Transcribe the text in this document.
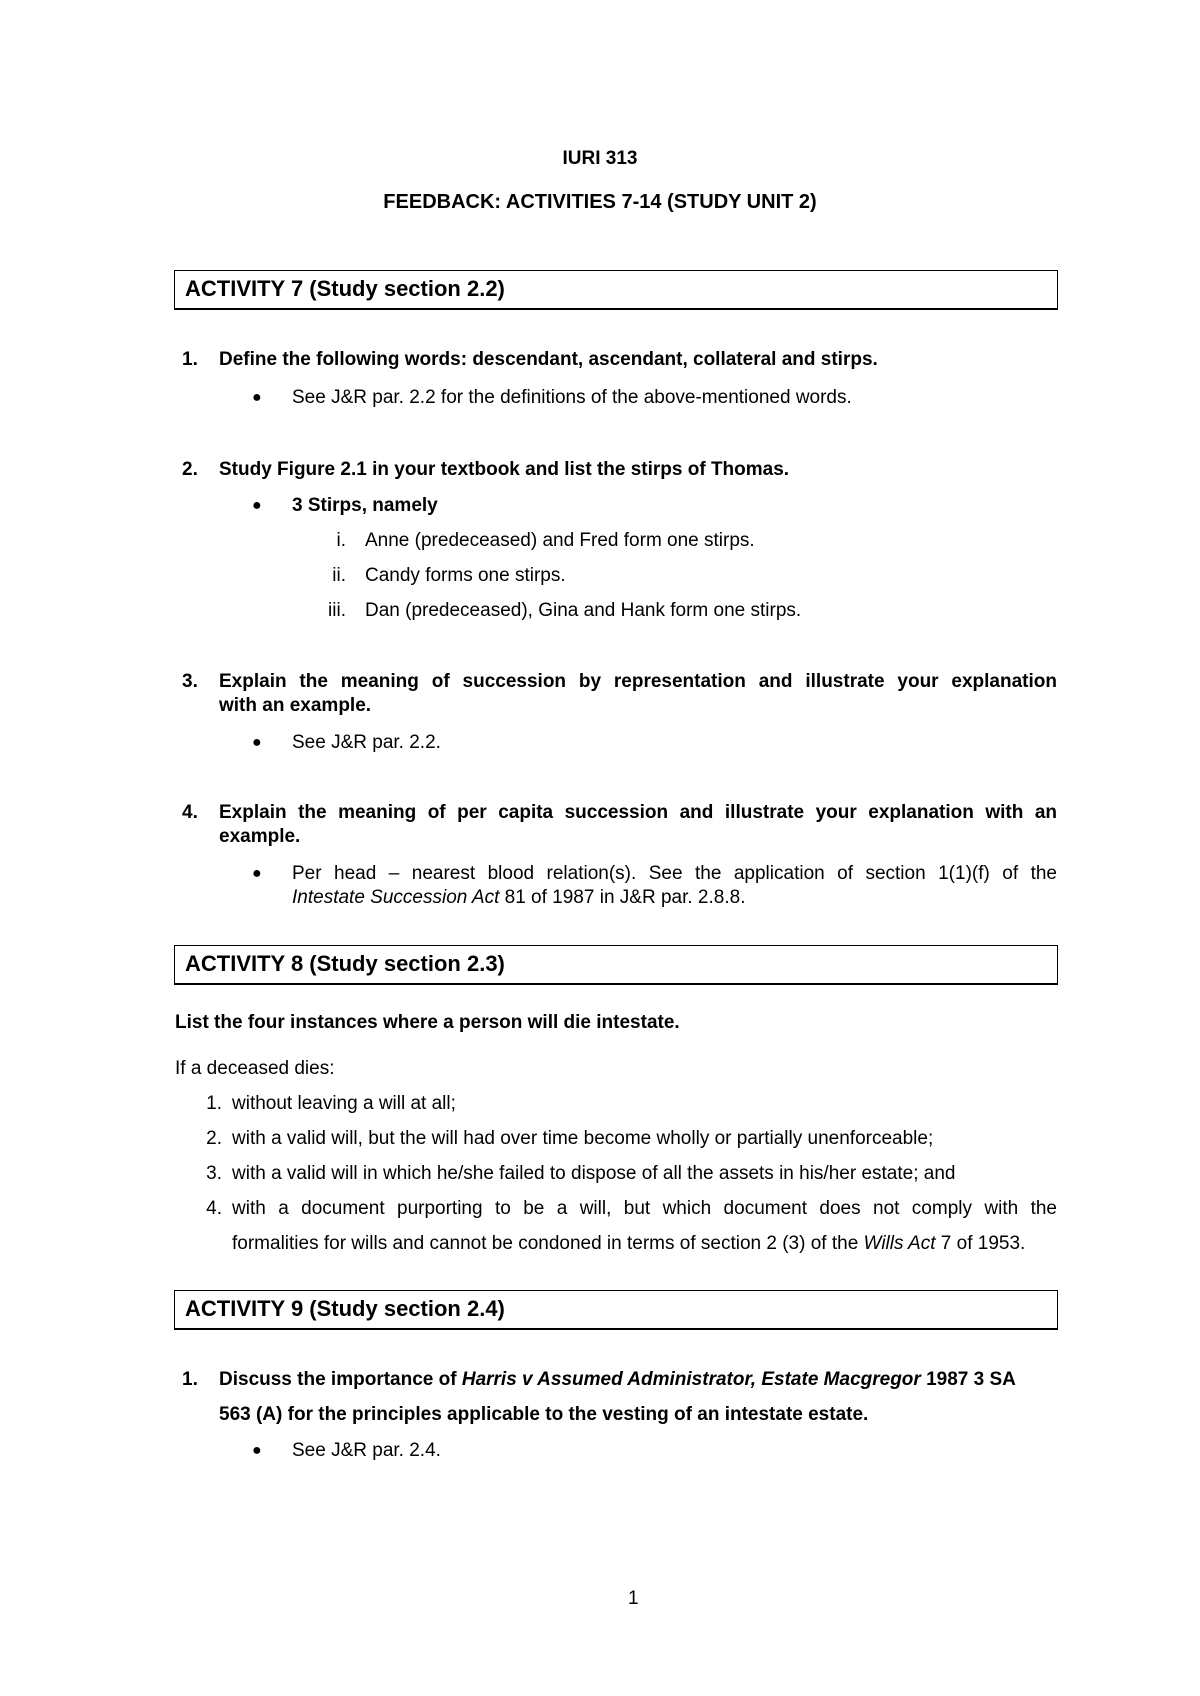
IURI 313
FEEDBACK: ACTIVITIES 7-14 (STUDY UNIT 2)
ACTIVITY 7 (Study section 2.2)
1. Define the following words: descendant, ascendant, collateral and stirps.
● See J&R par. 2.2 for the definitions of the above-mentioned words.
2. Study Figure 2.1 in your textbook and list the stirps of Thomas.
● 3 Stirps, namely
i. Anne (predeceased) and Fred form one stirps.
ii. Candy forms one stirps.
iii. Dan (predeceased), Gina and Hank form one stirps.
3. Explain the meaning of succession by representation and illustrate your explanation
with an example.
● See J&R par. 2.2.
4. Explain the meaning of per capita succession and illustrate your explanation with an
example.
● Per head – nearest blood relation(s). See the application of section 1(1)(f) of the
Intestate Succession Act 81 of 1987 in J&R par. 2.8.8.
ACTIVITY 8 (Study section 2.3)
List the four instances where a person will die intestate.
If a deceased dies:
1. without leaving a will at all;
2. with a valid will, but the will had over time become wholly or partially unenforceable;
3. with a valid will in which he/she failed to dispose of all the assets in his/her estate; and
4. with a document purporting to be a will, but which document does not comply with the
formalities for wills and cannot be condoned in terms of section 2 (3) of the Wills Act 7 of 1953.
ACTIVITY 9 (Study section 2.4)
1. Discuss the importance of Harris v Assumed Administrator, Estate Macgregor 1987 3 SA
563 (A) for the principles applicable to the vesting of an intestate estate.
● See J&R par. 2.4.
1
